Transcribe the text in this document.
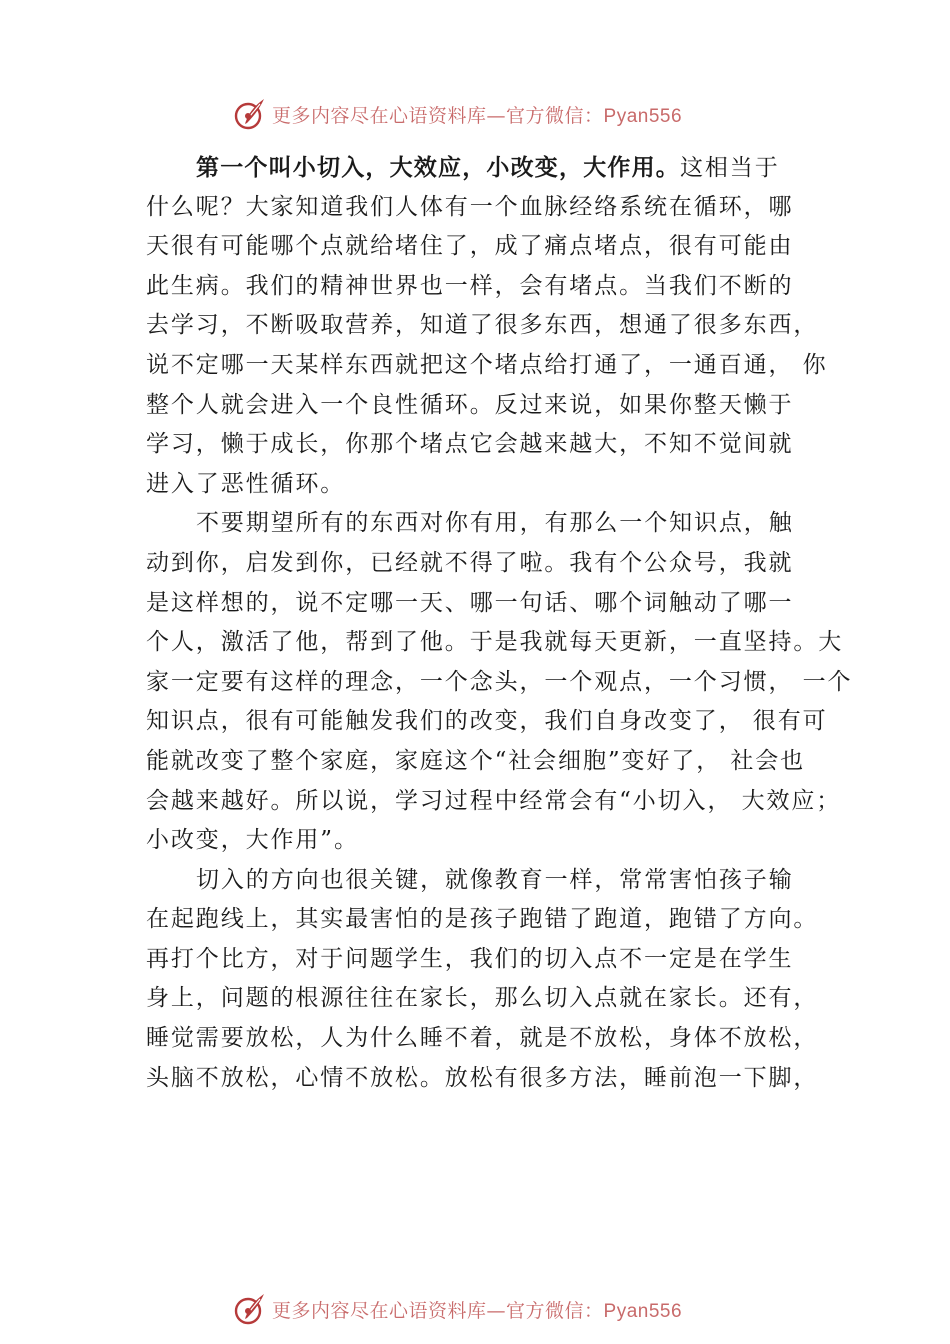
更多内容尽在心语资料库—官方微信：Pyan556
第一个叫小切入，大效应，小改变，大作用。这相当于
什么呢？大家知道我们人体有一个血脉经络系统在循环，哪
天很有可能哪个点就给堵住了，成了痛点堵点，很有可能由
此生病。我们的精神世界也一样，会有堵点。当我们不断的
去学习，不断吸取营养，知道了很多东西，想通了很多东西，
说不定哪一天某样东西就把这个堵点给打通了，一通百通， 你
整个人就会进入一个良性循环。反过来说，如果你整天懒于
学习，懒于成长，你那个堵点它会越来越大，不知不觉间就
进入了恶性循环。
不要期望所有的东西对你有用，有那么一个知识点，触
动到你，启发到你，已经就不得了啦。我有个公众号，我就
是这样想的，说不定哪一天、哪一句话、哪个词触动了哪一
个人，激活了他，帮到了他。于是我就每天更新，一直坚持。大
家一定要有这样的理念，一个念头，一个观点，一个习惯， 一个
知识点，很有可能触发我们的改变，我们自身改变了， 很有可
能就改变了整个家庭，家庭这个“社会细胞”变好了， 社会也
会越来越好。所以说，学习过程中经常会有“小切入， 大效应；
小改变，大作用”。
切入的方向也很关键，就像教育一样，常常害怕孩子输
在起跑线上，其实最害怕的是孩子跑错了跑道，跑错了方向。
再打个比方，对于问题学生，我们的切入点不一定是在学生
身上，问题的根源往往在家长，那么切入点就在家长。还有，
睡觉需要放松，人为什么睡不着，就是不放松，身体不放松，
头脑不放松，心情不放松。放松有很多方法，睡前泡一下脚，
更多内容尽在心语资料库—官方微信：Pyan556
